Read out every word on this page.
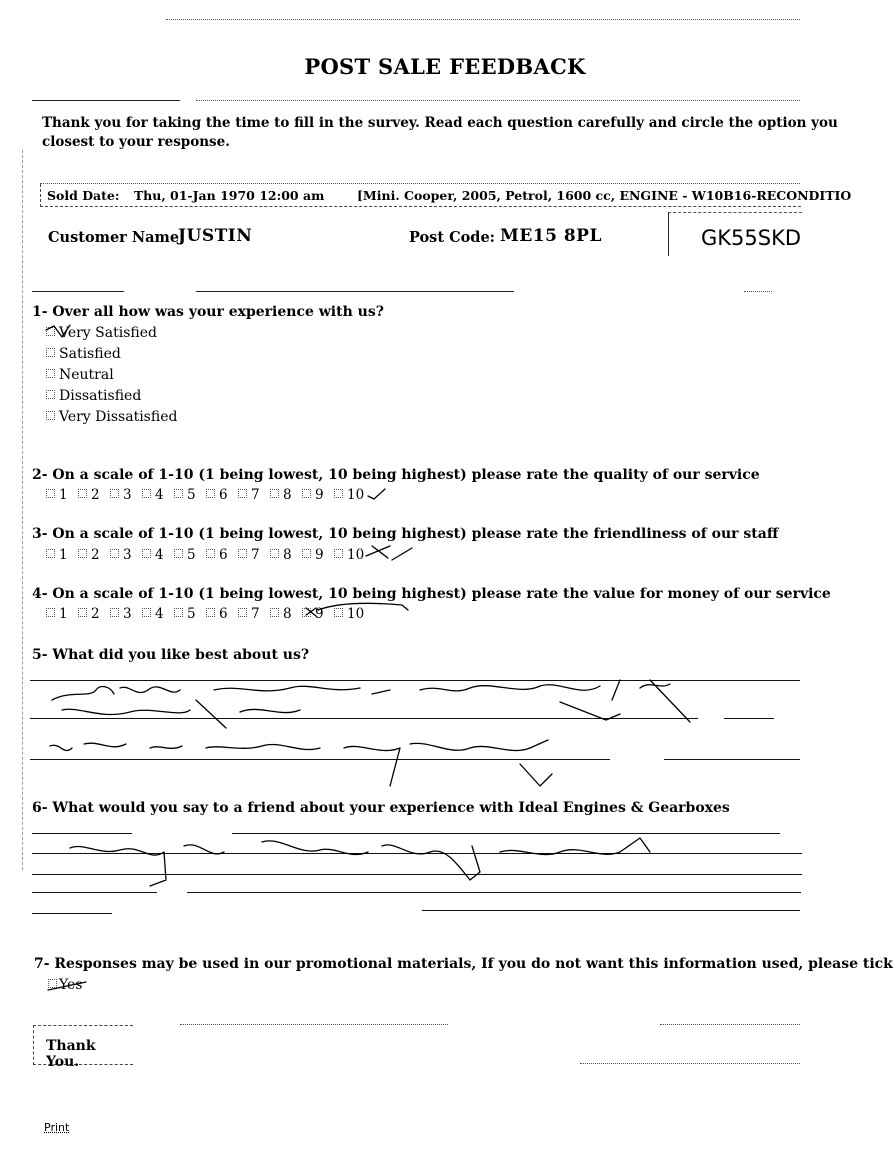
POST SALE FEEDBACK
Thank you for taking the time to fill in the survey. Read each question carefully and circle the option you
closest to your response.
Sold Date: Thu, 01-Jan 1970 12:00 am	[Mini. Cooper, 2005, Petrol, 1600 cc, ENGINE - W10B16-RECONDITIO
Customer Name:
JUSTIN	Post Code: ME15 8PL	GK55SKD
1- Over all how was your experience with us?
Very Satisfied
Satisfied
Neutral
Dissatisfied
Very Dissatisfied
2- On a scale of 1-10 (1 being lowest, 10 being highest) please rate the quality of our service
1 2 3 4 5 6 7 8 9 10
3- On a scale of 1-10 (1 being lowest, 10 being highest) please rate the friendliness of our staff
1 2 3 4 5 6 7 8 9 10
4- On a scale of 1-10 (1 being lowest, 10 being highest) please rate the value for money of our service
1 2 3 4 5 6 7 8 9 10
5- What did you like best about us?
6- What would you say to a friend about your experience with Ideal Engines & Gearboxes
7- Responses may be used in our promotional materials, If you do not want this information used, please tick
Yes
Thank You.
Print
